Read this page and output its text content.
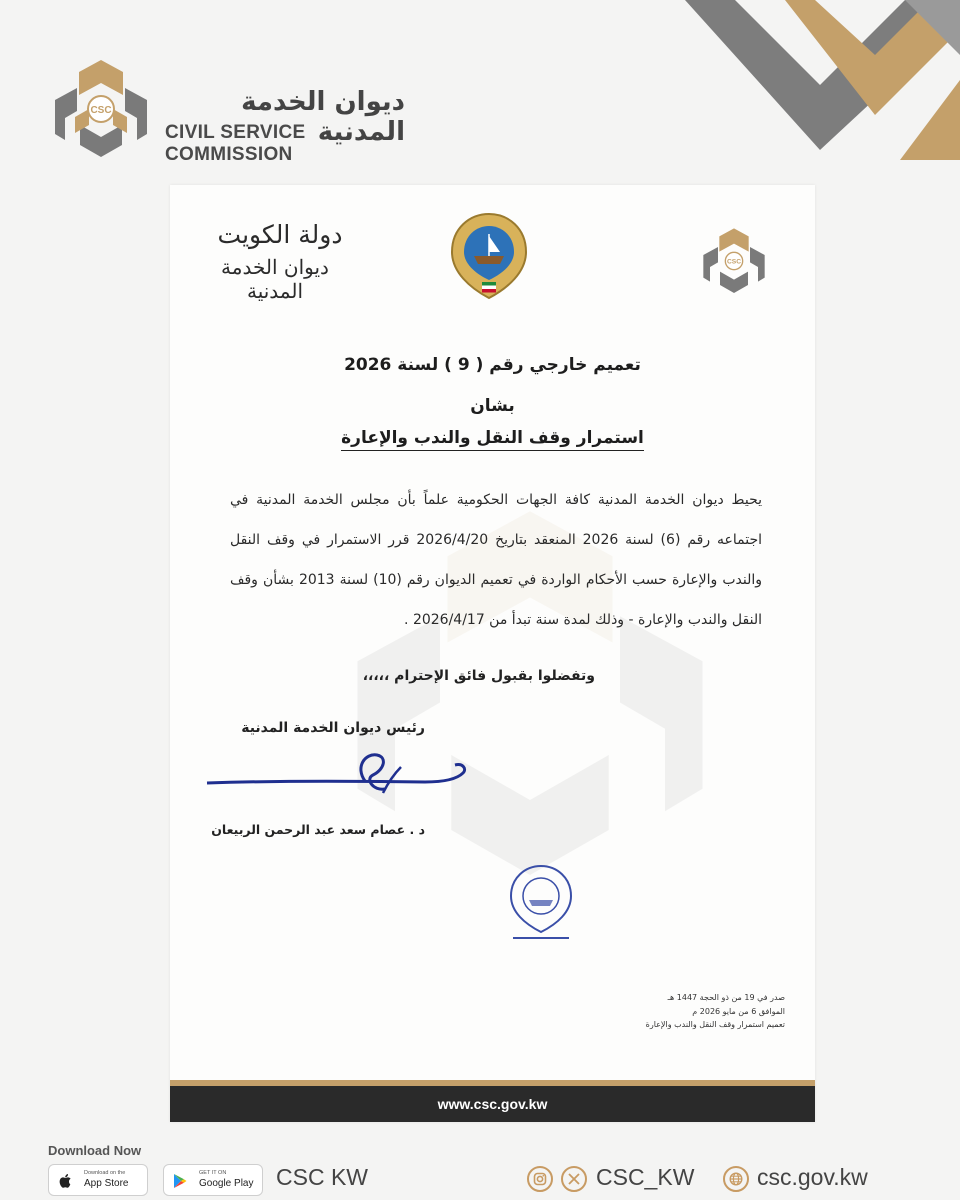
CSC	ديوان الخدمة المدنية
CIVIL SERVICE COMMISSION
دولة الكويت
ديوان الخدمة المدنية
CSC
تعميم خارجي رقم ( 9 ) لسنة 2026
بشان
استمرار وقف النقل والندب والإعارة
يحيط ديوان الخدمة المدنية كافة الجهات الحكومية علماً بأن مجلس الخدمة المدنية في اجتماعه رقم (6) لسنة 2026 المنعقد بتاريخ 2026/4/20 قرر الاستمرار في وقف النقل والندب والإعارة حسب الأحكام الواردة في تعميم الديوان رقم (10) لسنة 2013 بشأن وقف النقل والندب والإعارة - وذلك لمدة سنة تبدأ من 2026/4/17 .
وتفضلوا بقبول فائق الإحترام ،،،،،
رئيس ديوان الخدمة المدنية
د . عصام سعد عبد الرحمن الربيعان
صدر في 19 من ذو الحجة 1447 هـ
الموافق 6 من مايو 2026 م
تعميم استمرار وقف النقل والندب والإعارة
www.csc.gov.kw
Download Now
Download on the
App Store
GET IT ON
Google Play CSC KW	CSC_KW	csc.gov.kw
